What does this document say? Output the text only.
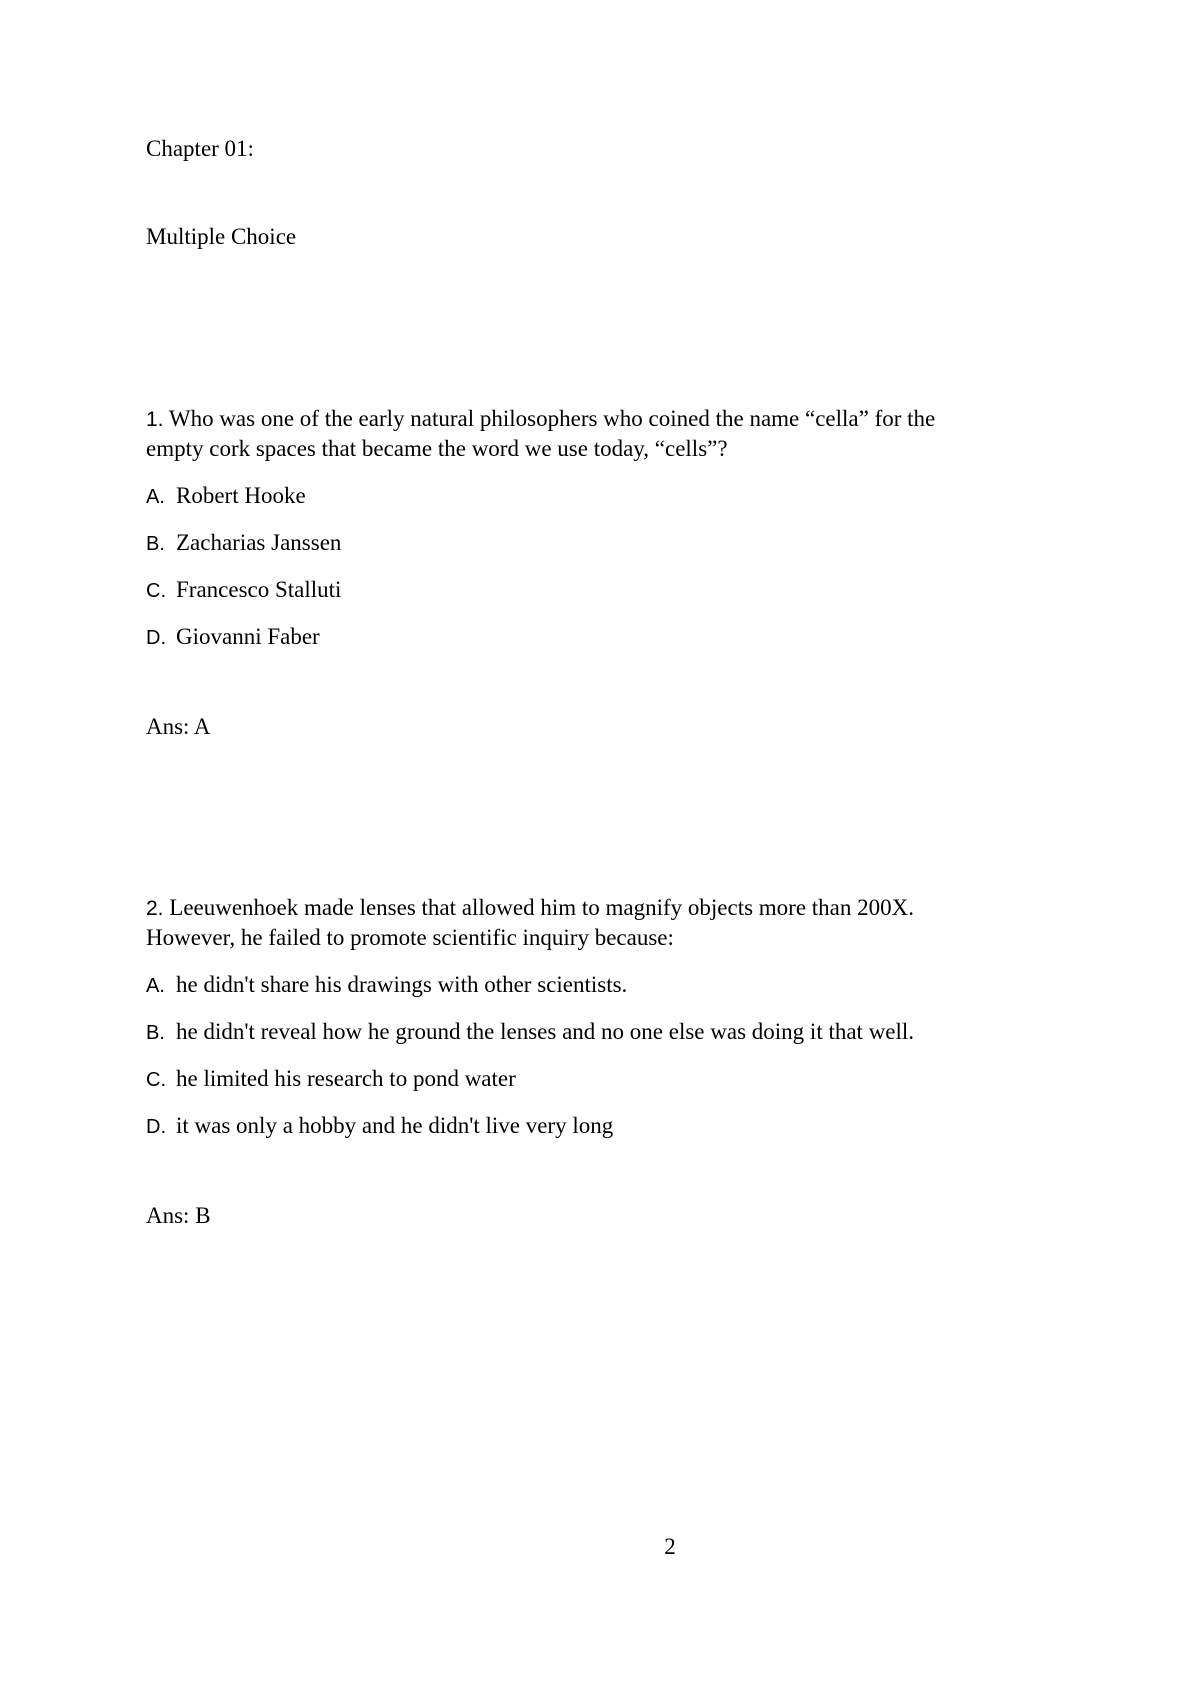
Chapter 01:
Multiple Choice
1. Who was one of the early natural philosophers who coined the name “cella” for the
empty cork spaces that became the word we use today, “cells”?
A. Robert Hooke
B. Zacharias Janssen
C. Francesco Stalluti
D. Giovanni Faber
Ans: A
2. Leeuwenhoek made lenses that allowed him to magnify objects more than 200X.
However, he failed to promote scientific inquiry because:
A. he didn't share his drawings with other scientists.
B. he didn't reveal how he ground the lenses and no one else was doing it that well.
C. he limited his research to pond water
D. it was only a hobby and he didn't live very long
Ans: B
2
